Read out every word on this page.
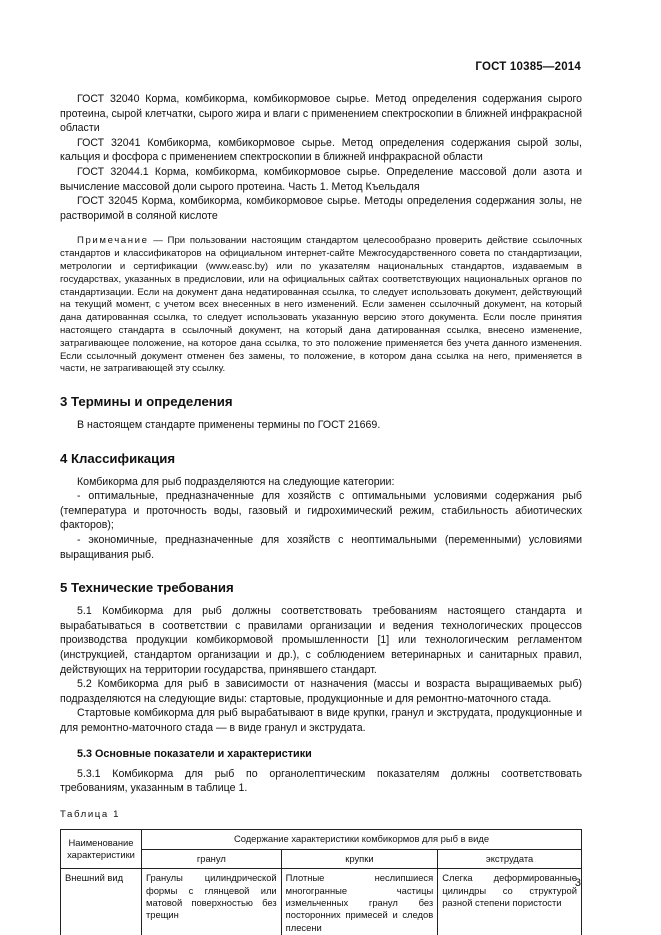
ГОСТ 10385—2014

ГОСТ 32040 Корма, комбикорма, комбикормовое сырье. Метод определения содержания сырого протеина, сырой клетчатки, сырого жира и влаги с применением спектроскопии в ближней инфракрасной области

ГОСТ 32041 Комбикорма, комбикормовое сырье. Метод определения содержания сырой золы, кальция и фосфора с применением спектроскопии в ближней инфракрасной области

ГОСТ 32044.1 Корма, комбикорма, комбикормовое сырье. Определение массовой доли азота и вычисление массовой доли сырого протеина. Часть 1. Метод Къельдаля

ГОСТ 32045 Корма, комбикорма, комбикормовое сырье. Методы определения содержания золы, не растворимой в соляной кислоте

Примечание — При пользовании настоящим стандартом целесообразно проверить действие ссылочных стандартов и классификаторов на официальном интернет-сайте Межгосударственного совета по стандартизации, метрологии и сертификации (www.easc.by) или по указателям национальных стандартов, издаваемым в государствах, указанных в предисловии, или на официальных сайтах соответствующих национальных органов по стандартизации. Если на документ дана недатированная ссылка, то следует использовать документ, действующий на текущий момент, с учетом всех внесенных в него изменений. Если заменен ссылочный документ, на который дана датированная ссылка, то следует использовать указанную версию этого документа. Если после принятия настоящего стандарта в ссылочный документ, на который дана датированная ссылка, внесено изменение, затрагивающее положение, на которое дана ссылка, то это положение применяется без учета данного изменения. Если ссылочный документ отменен без замены, то положение, в котором дана ссылка на него, применяется в части, не затрагивающей эту ссылку.

3 Термины и определения

В настоящем стандарте применены термины по ГОСТ 21669.

4 Классификация

Комбикорма для рыб подразделяются на следующие категории:

- оптимальные, предназначенные для хозяйств с оптимальными условиями содержания рыб (температура и проточность воды, газовый и гидрохимический режим, стабильность абиотических факторов);

- экономичные, предназначенные для хозяйств с неоптимальными (переменными) условиями выращивания рыб.

5 Технические требования

5.1 Комбикорма для рыб должны соответствовать требованиям настоящего стандарта и вырабатываться в соответствии с правилами организации и ведения технологических процессов производства продукции комбикормовой промышленности [1] или технологическим регламентом (инструкцией, стандартом организации и др.), с соблюдением ветеринарных и санитарных правил, действующих на территории государства, принявшего стандарт.

5.2 Комбикорма для рыб в зависимости от назначения (массы и возраста выращиваемых рыб) подразделяются на следующие виды: стартовые, продукционные и для ремонтно-маточного стада.

Стартовые комбикорма для рыб вырабатывают в виде крупки, гранул и экструдата, продукционные и для ремонтно-маточного стада — в виде гранул и экструдата.

5.3 Основные показатели и характеристики

5.3.1 Комбикорма для рыб по органолептическим показателям должны соответствовать требованиям, указанным в таблице 1.

Таблица 1
Наименование характеристики	Содержание характеристики комбикормов для рыб в виде		
	гранул	крупки	экструдата
Внешний вид	Гранулы цилиндрической формы с глянцевой или матовой поверхностью без трещин	Плотные неслипшиеся многогранные частицы измельченных гранул без посторонних примесей и следов плесени	Слегка деформированные цилиндры со структурой разной степени пористости
3
